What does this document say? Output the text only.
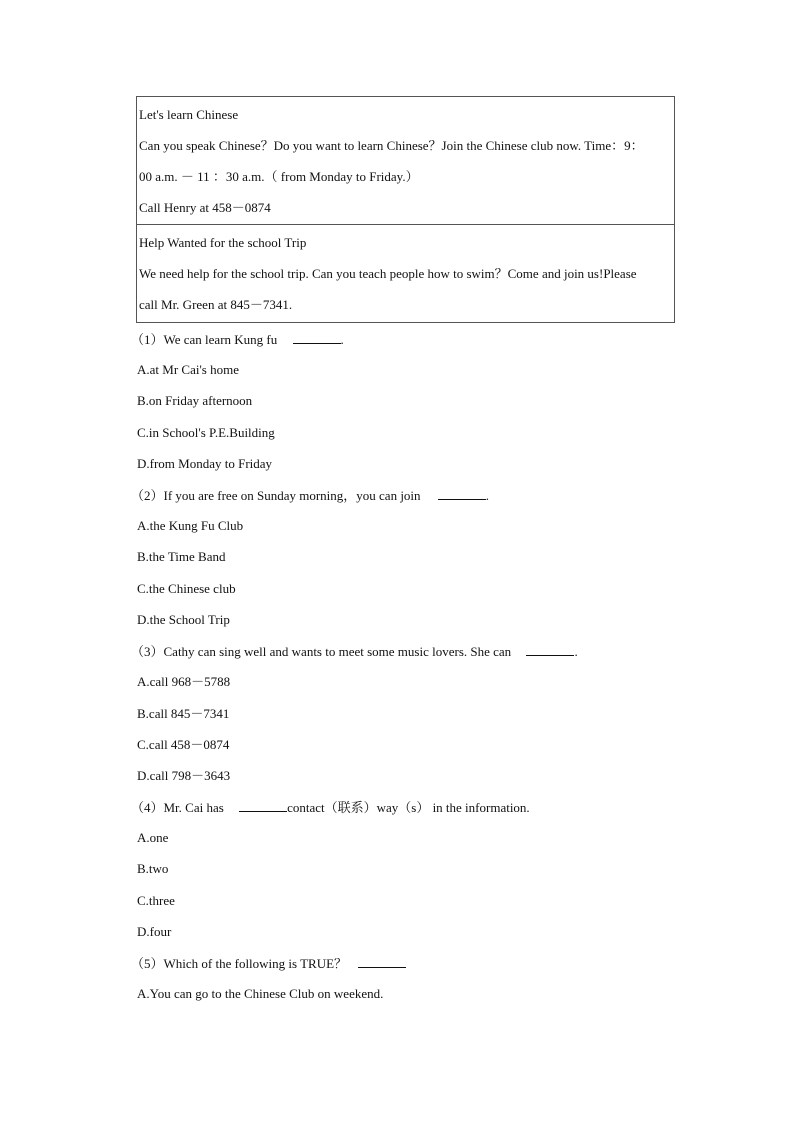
Let's learn Chinese
Can you speak Chinese？Do you want to learn Chinese？Join the Chinese club now. Time：9：
00 a.m. － 11 ：30 a.m.（ from Monday to Friday.）
Call Henry at 458－0874
Help Wanted for the school Trip
We need help for the school trip. Can you teach people how to swim？Come and join us!Please
call Mr. Green at 845－7341.
（1）We can learn Kung fu	.
A.at Mr Cai's home
B.on Friday afternoon
C.in School's P.E.Building
D.from Monday to Friday
（2）If you are free on Sunday morning，you can join	.
A.the Kung Fu Club
B.the Time Band
C.the Chinese club
D.the School Trip
（3）Cathy can sing well and wants to meet some music lovers. She can	.
A.call 968－5788
B.call 845－7341
C.call 458－0874
D.call 798－3643
（4）Mr. Cai has	contact（联系）way（s） in the information.
A.one
B.two
C.three
D.four
（5）Which of the following is TRUE？
A.You can go to the Chinese Club on weekend.
